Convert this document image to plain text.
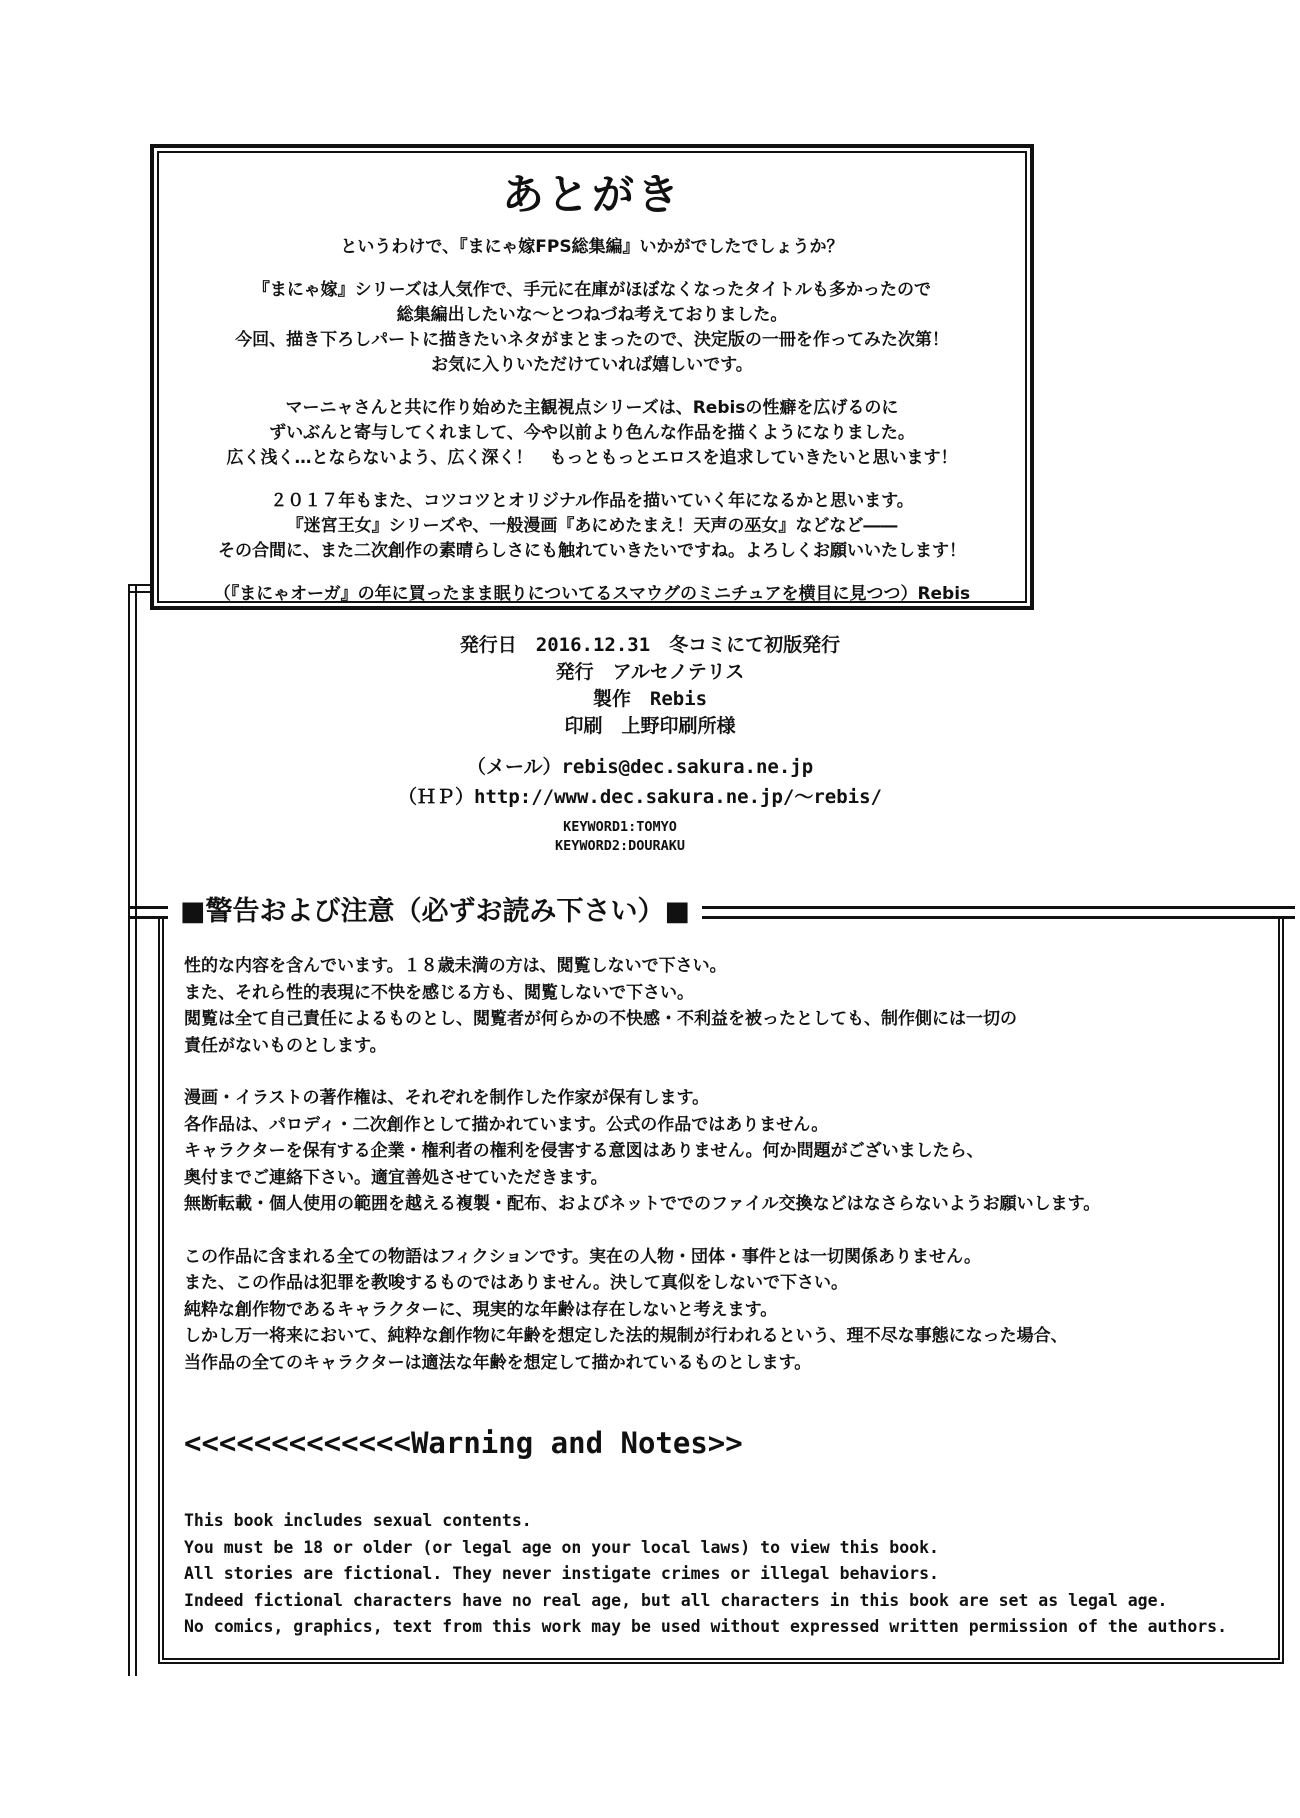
あとがき
というわけで、『まにゃ嫁FPS総集編』いかがでしたでしょうか？
『まにゃ嫁』シリーズは人気作で、手元に在庫がほぼなくなったタイトルも多かったので
総集編出したいな〜とつねづね考えておりました。
今回、描き下ろしパートに描きたいネタがまとまったので、決定版の一冊を作ってみた次第！
お気に入りいただけていれば嬉しいです。
マーニャさんと共に作り始めた主観視点シリーズは、Rebisの性癖を広げるのに
ずいぶんと寄与してくれまして、今や以前より色んな作品を描くようになりました。
広く浅く…とならないよう、広く深く！　もっともっとエロスを追求していきたいと思います！
２０１７年もまた、コツコツとオリジナル作品を描いていく年になるかと思います。
『迷宮王女』シリーズや、一般漫画『あにめたまえ！天声の巫女』などなど――
その合間に、また二次創作の素晴らしさにも触れていきたいですね。よろしくお願いいたします！
（『まにゃオーガ』の年に買ったまま眠りについてるスマウグのミニチュアを横目に見つつ）Rebis
発行日　2016.12.31　冬コミにて初版発行
発行　アルセノテリス
製作　Rebis
印刷　上野印刷所様
（メール）rebis@dec.sakura.ne.jp
（ＨＰ）http://www.dec.sakura.ne.jp/～rebis/
KEYWORD1:TOMYO
KEYWORD2:DOURAKU
■警告および注意（必ずお読み下さい）■
性的な内容を含んでいます。１８歳未満の方は、閲覧しないで下さい。
また、それら性的表現に不快を感じる方も、閲覧しないで下さい。
閲覧は全て自己責任によるものとし、閲覧者が何らかの不快感・不利益を被ったとしても、制作側には一切の
責任がないものとします。
漫画・イラストの著作権は、それぞれを制作した作家が保有します。
各作品は、パロディ・二次創作として描かれています。公式の作品ではありません。
キャラクターを保有する企業・権利者の権利を侵害する意図はありません。何か問題がございましたら、
奥付までご連絡下さい。適宜善処させていただきます。
無断転載・個人使用の範囲を越える複製・配布、およびネットででのファイル交換などはなさらないようお願いします。
この作品に含まれる全ての物語はフィクションです。実在の人物・団体・事件とは一切関係ありません。
また、この作品は犯罪を教唆するものではありません。決して真似をしないで下さい。
純粋な創作物であるキャラクターに、現実的な年齢は存在しないと考えます。
しかし万一将来において、純粋な創作物に年齢を想定した法的規制が行われるという、理不尽な事態になった場合、
当作品の全てのキャラクターは適法な年齢を想定して描かれているものとします。
<<<<<<<<<<<<<Warning and Notes>>
This book includes sexual contents.
You must be 18 or older (or legal age on your local laws) to view this book.
All stories are fictional. They never instigate crimes or illegal behaviors.
Indeed fictional characters have no real age, but all characters in this book are set as legal age.
No comics, graphics, text from this work may be used without expressed written permission of the authors.
